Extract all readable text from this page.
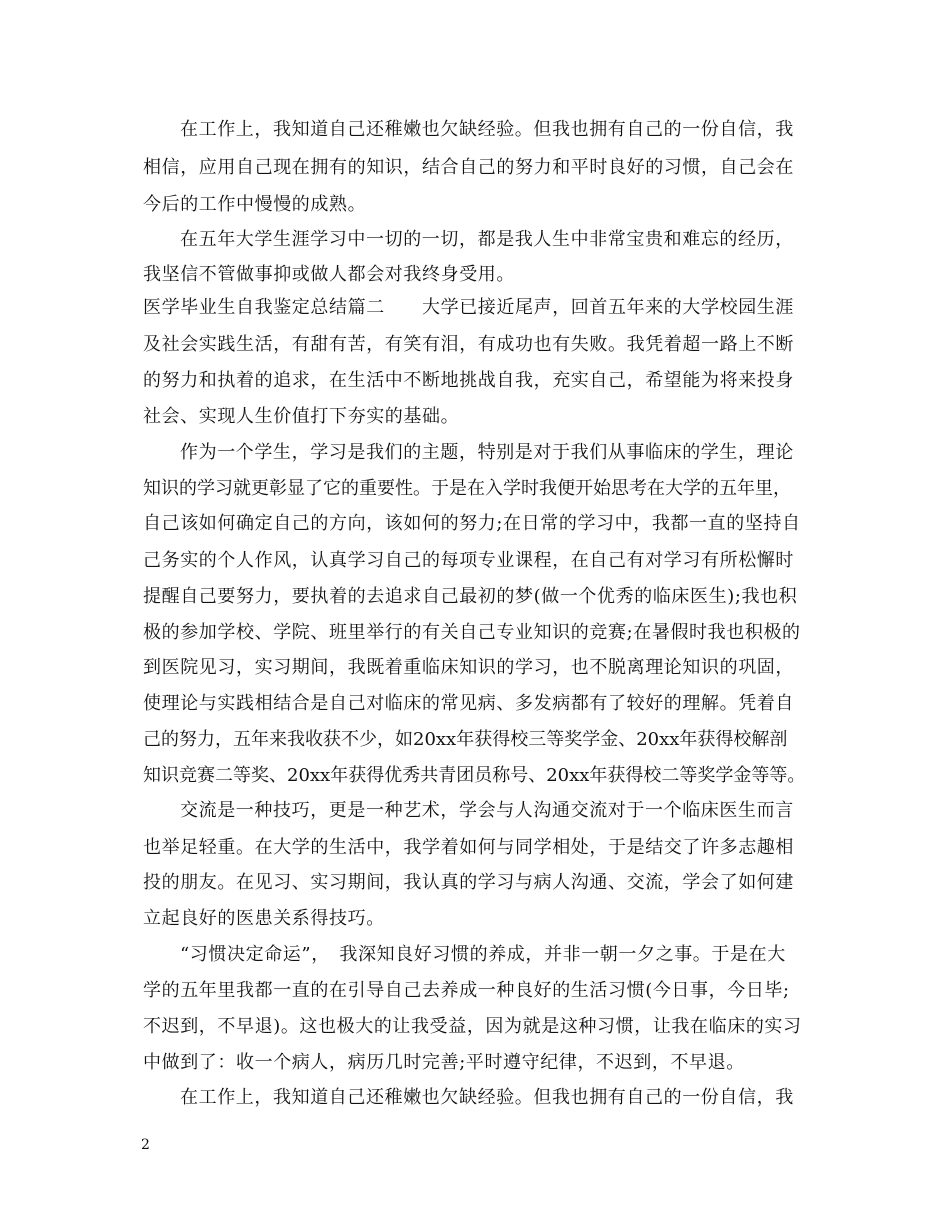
在工作上，我知道自己还稚嫩也欠缺经验。但我也拥有自己的一份自信，我
相信，应用自己现在拥有的知识，结合自己的努力和平时良好的习惯，自己会在
今后的工作中慢慢的成熟。
在五年大学生涯学习中一切的一切，都是我人生中非常宝贵和难忘的经历，
我坚信不管做事抑或做人都会对我终身受用。
医学毕业生自我鉴定总结篇二　　大学已接近尾声，回首五年来的大学校园生涯
及社会实践生活，有甜有苦，有笑有泪，有成功也有失败。我凭着超一路上不断
的努力和执着的追求，在生活中不断地挑战自我，充实自己，希望能为将来投身
社会、实现人生价值打下夯实的基础。
作为一个学生，学习是我们的主题，特别是对于我们从事临床的学生，理论
知识的学习就更彰显了它的重要性。于是在入学时我便开始思考在大学的五年里，
自己该如何确定自己的方向，该如何的努力;在日常的学习中，我都一直的坚持自
己务实的个人作风，认真学习自己的每项专业课程，在自己有对学习有所松懈时
提醒自己要努力，要执着的去追求自己最初的梦(做一个优秀的临床医生);我也积
极的参加学校、学院、班里举行的有关自己专业知识的竞赛;在暑假时我也积极的
到医院见习，实习期间，我既着重临床知识的学习，也不脱离理论知识的巩固，
使理论与实践相结合是自己对临床的常见病、多发病都有了较好的理解。凭着自
己的努力，五年来我收获不少，如20xx年获得校三等奖学金、20xx年获得校解剖
知识竞赛二等奖、20xx年获得优秀共青团员称号、20xx年获得校二等奖学金等等。
交流是一种技巧，更是一种艺术，学会与人沟通交流对于一个临床医生而言
也举足轻重。在大学的生活中，我学着如何与同学相处，于是结交了许多志趣相
投的朋友。在见习、实习期间，我认真的学习与病人沟通、交流，学会了如何建
立起良好的医患关系得技巧。
“习惯决定命运”，　我深知良好习惯的养成，并非一朝一夕之事。于是在大
学的五年里我都一直的在引导自己去养成一种良好的生活习惯(今日事，今日毕;
不迟到，不早退)。这也极大的让我受益，因为就是这种习惯，让我在临床的实习
中做到了：收一个病人，病历几时完善;平时遵守纪律，不迟到，不早退。
在工作上，我知道自己还稚嫩也欠缺经验。但我也拥有自己的一份自信，我
2
